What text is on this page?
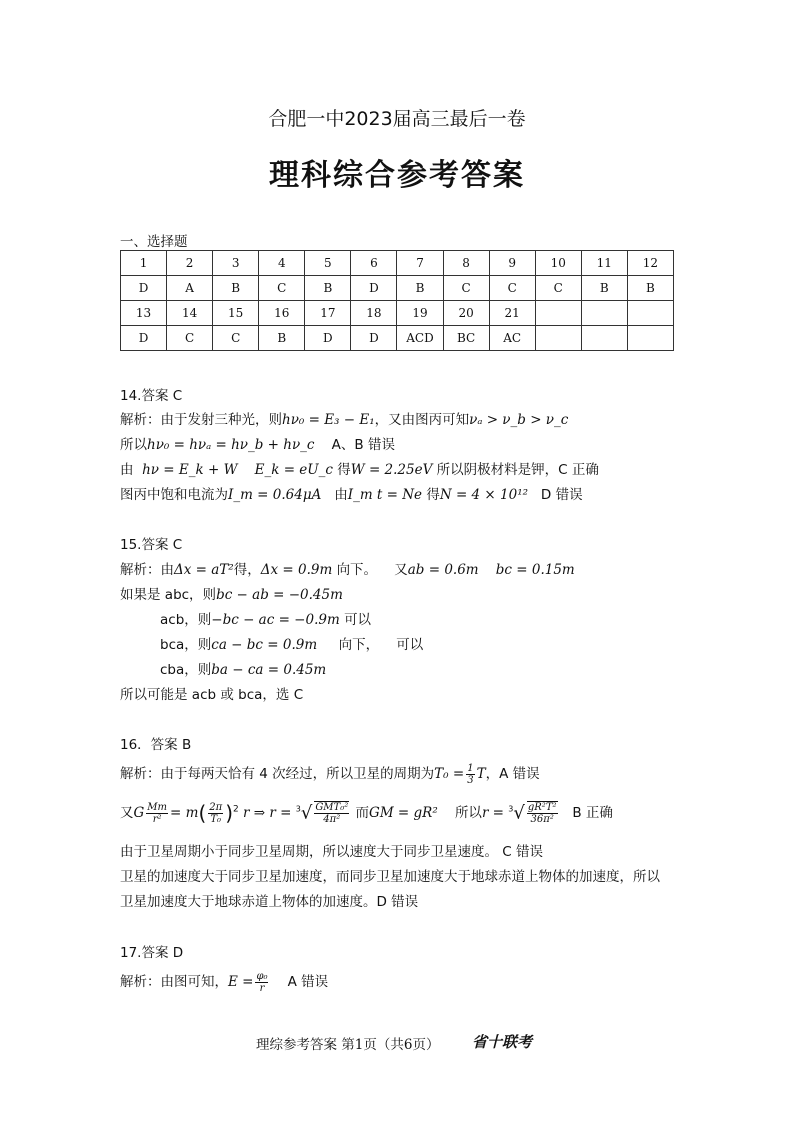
合肥一中2023届高三最后一卷
理科综合参考答案
一、选择题
1	2	3	4	5	6	7	8	9	10	11	12
D	A	B	C	B	D	B	C	C	C	B	B
13	14	15	16	17	18	19	20	21			
D	C	C	B	D	D	ACD	BC	AC			
14.答案 C
解析：由于发射三种光，则hν₀ = E₃ − E₁，又由图丙可知νₐ > ν_b > ν_c
所以hν₀ = hνₐ = hν_b + hν_c A、B 错误
由 hν = E_k + W E_k = eU_c 得W = 2.25eV 所以阴极材料是钾，C 正确
图丙中饱和电流为I_m = 0.64μA 由I_m t = Ne 得N = 4 × 10¹² D 错误
15.答案 C
解析：由Δx = aT²得，Δx = 0.9m 向下。 又ab = 0.6m bc = 0.15m
如果是 abc，则bc − ab = −0.45m
acb，则−bc − ac = −0.9m 可以
bca，则ca − bc = 0.9m 向下， 可以
cba，则ba − ca = 0.45m
所以可能是 acb 或 bca，选 C
16．答案 B
解析：由于每两天恰有 4 次经过，所以卫星的周期为$T_0 = \frac{1}{3}$ T，A 错误
又G $\frac{Mm}{\text{r²}} = m( \frac{2\pi}{\text{T₀}} )^2$ r ⇒ $r = ^3√ \frac{\text{GMT₀²}}{\text{4π²}}$ 而GM = gR² 所以$r = ^3√ \frac{\text{gR²T²}}{\text{36π²}}$ B 正确
由于卫星周期小于同步卫星周期，所以速度大于同步卫星速度。 C 错误
卫星的加速度大于同步卫星加速度，而同步卫星加速度大于地球赤道上物体的加速度，所以
卫星加速度大于地球赤道上物体的加速度。D 错误
17.答案 D
解析：由图可知，$E = \frac{\text{φ₀}}{r}$ A 错误
理综参考答案 第1页（共6页） 省十联考
